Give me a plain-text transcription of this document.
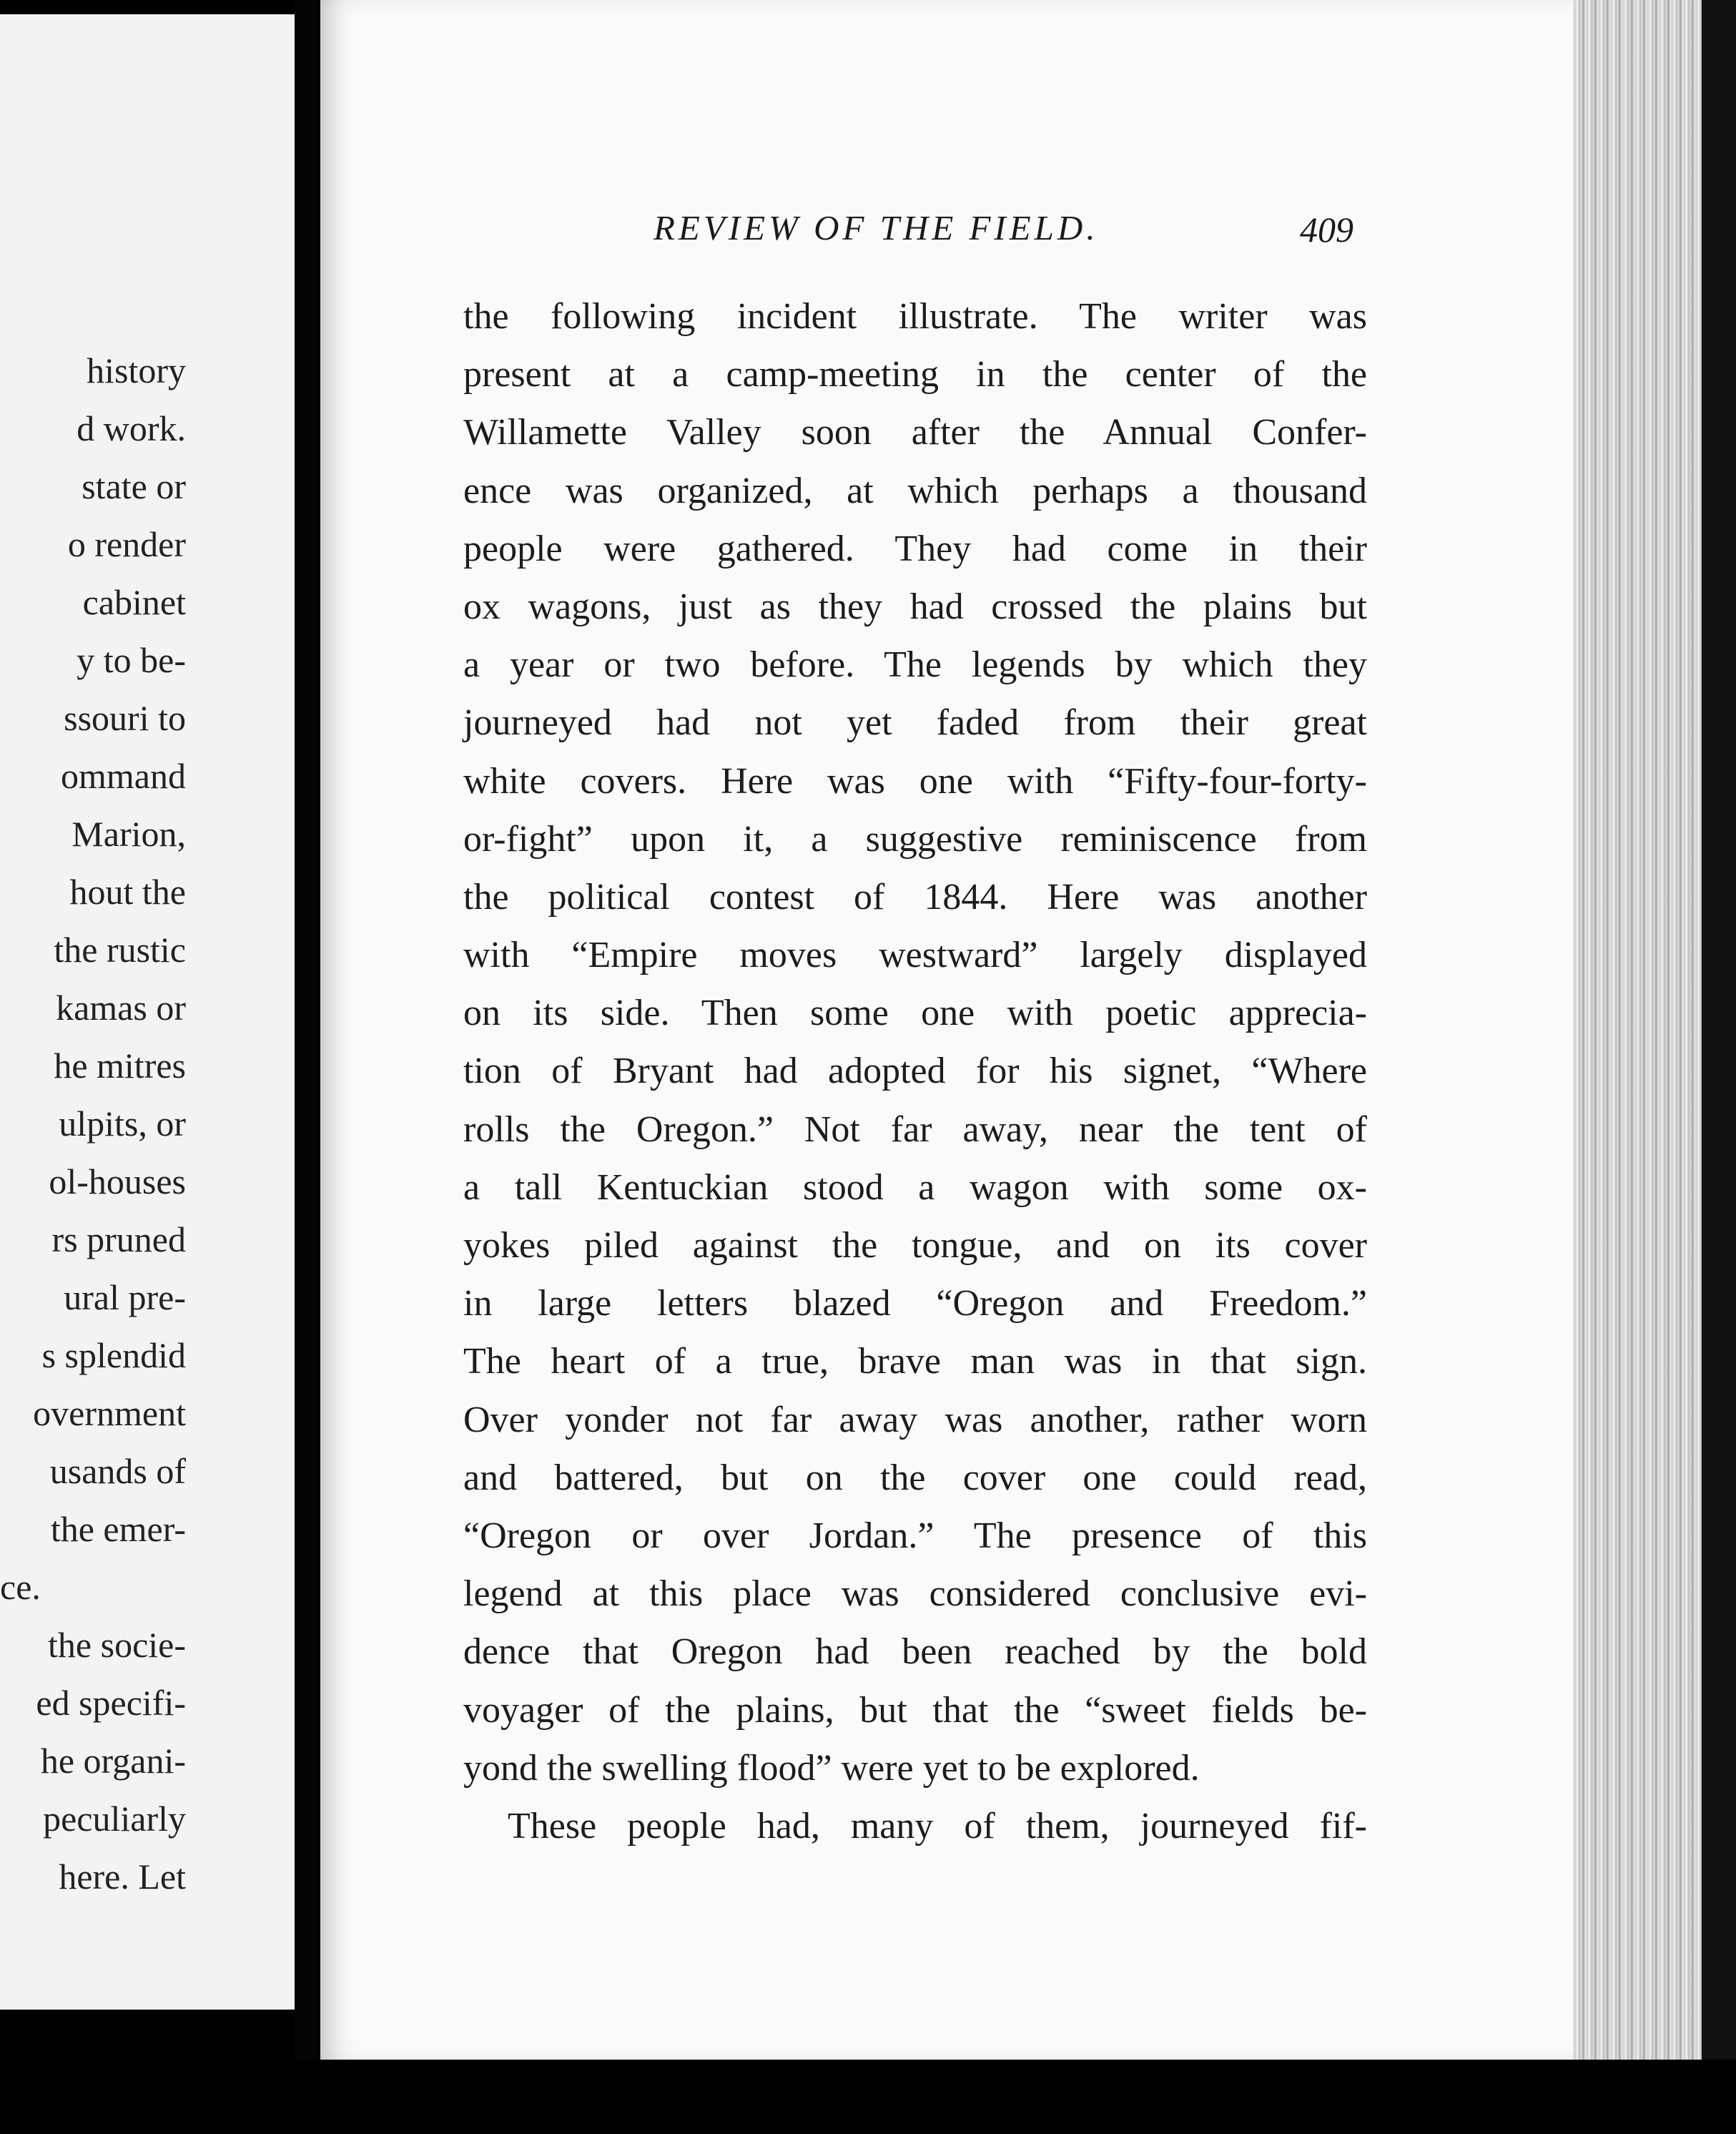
history
d work.
state or
o render
cabinet
y to be-
ssouri to
ommand
Marion,
hout the
the rustic
kamas or
he mitres
ulpits, or
ol-houses
rs pruned
ural pre-
s splendid
overnment
usands of
the emer-
ce.
the socie-
ed specifi-
he organi-
peculiarly
here. Let
REVIEW OF THE FIELD.	409
the following incident illustrate. The writer was
present at a camp-meeting in the center of the
Willamette Valley soon after the Annual Confer-
ence was organized, at which perhaps a thousand
people were gathered. They had come in their
ox wagons, just as they had crossed the plains but
a year or two before. The legends by which they
journeyed had not yet faded from their great
white covers. Here was one with “Fifty-four-forty-
or-fight” upon it, a suggestive reminiscence from
the political contest of 1844. Here was another
with “Empire moves westward” largely displayed
on its side. Then some one with poetic apprecia-
tion of Bryant had adopted for his signet, “Where
rolls the Oregon.” Not far away, near the tent of
a tall Kentuckian stood a wagon with some ox-
yokes piled against the tongue, and on its cover
in large letters blazed “Oregon and Freedom.”
The heart of a true, brave man was in that sign.
Over yonder not far away was another, rather worn
and battered, but on the cover one could read,
“Oregon or over Jordan.” The presence of this
legend at this place was considered conclusive evi-
dence that Oregon had been reached by the bold
voyager of the plains, but that the “sweet fields be-
yond the swelling flood” were yet to be explored.
These people had, many of them, journeyed fif-
